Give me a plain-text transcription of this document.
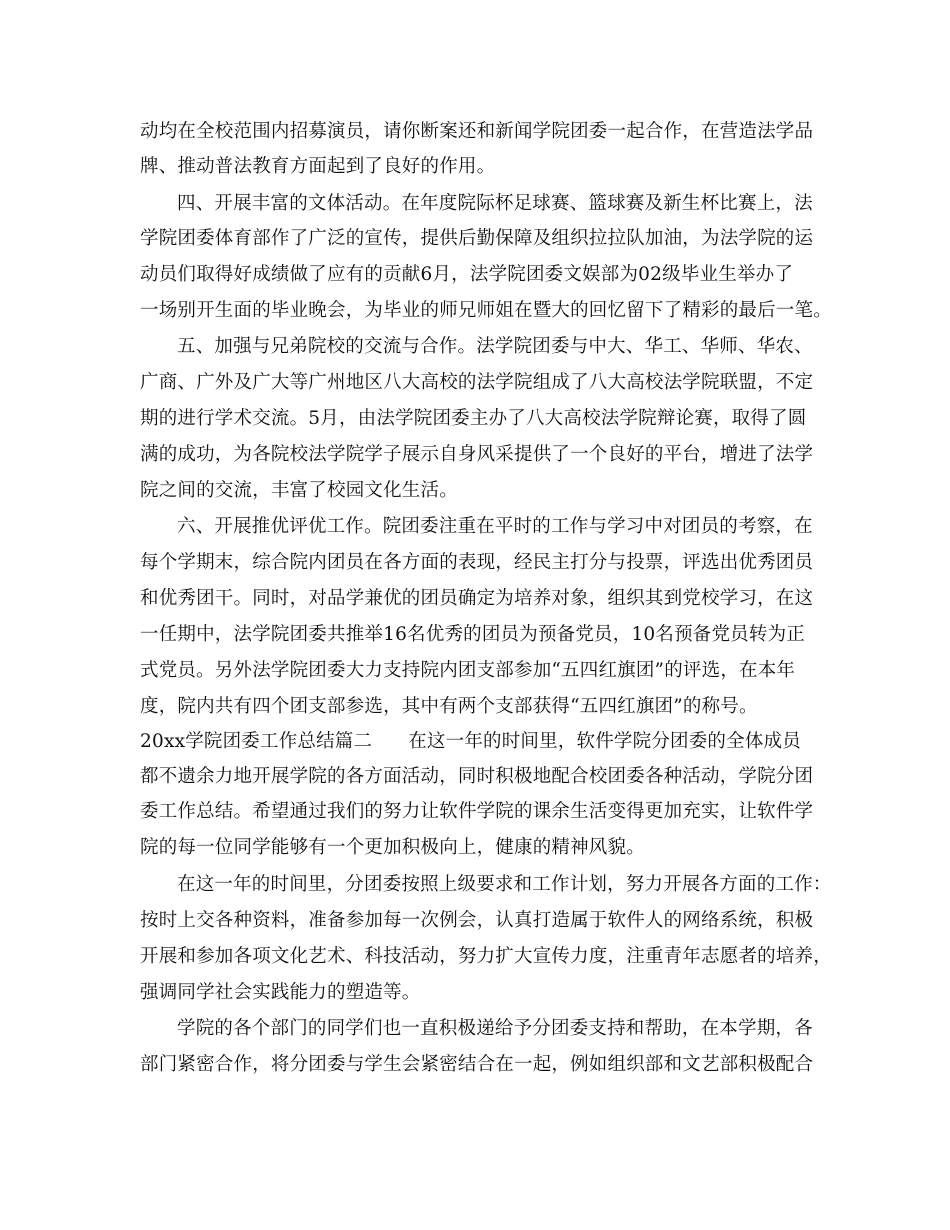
动均在全校范围内招募演员，请你断案还和新闻学院团委一起合作，在营造法学品
牌、推动普法教育方面起到了良好的作用。
四、开展丰富的文体活动。在年度院际杯足球赛、篮球赛及新生杯比赛上，法
学院团委体育部作了广泛的宣传，提供后勤保障及组织拉拉队加油，为法学院的运
动员们取得好成绩做了应有的贡献6月，法学院团委文娱部为02级毕业生举办了
一场别开生面的毕业晚会，为毕业的师兄师姐在暨大的回忆留下了精彩的最后一笔。
五、加强与兄弟院校的交流与合作。法学院团委与中大、华工、华师、华农、
广商、广外及广大等广州地区八大高校的法学院组成了八大高校法学院联盟，不定
期的进行学术交流。5月，由法学院团委主办了八大高校法学院辩论赛，取得了圆
满的成功，为各院校法学院学子展示自身风采提供了一个良好的平台，增进了法学
院之间的交流，丰富了校园文化生活。
六、开展推优评优工作。院团委注重在平时的工作与学习中对团员的考察，在
每个学期末，综合院内团员在各方面的表现，经民主打分与投票，评选出优秀团员
和优秀团干。同时，对品学兼优的团员确定为培养对象，组织其到党校学习，在这
一任期中，法学院团委共推举16名优秀的团员为预备党员，10名预备党员转为正
式党员。另外法学院团委大力支持院内团支部参加“五四红旗团”的评选，在本年
度，院内共有四个团支部参选，其中有两个支部获得“五四红旗团”的称号。
20xx学院团委工作总结篇二 在这一年的时间里，软件学院分团委的全体成员
都不遗余力地开展学院的各方面活动，同时积极地配合校团委各种活动，学院分团
委工作总结。希望通过我们的努力让软件学院的课余生活变得更加充实，让软件学
院的每一位同学能够有一个更加积极向上，健康的精神风貌。
在这一年的时间里，分团委按照上级要求和工作计划，努力开展各方面的工作：
按时上交各种资料，准备参加每一次例会，认真打造属于软件人的网络系统，积极
开展和参加各项文化艺术、科技活动，努力扩大宣传力度，注重青年志愿者的培养，
强调同学社会实践能力的塑造等。
学院的各个部门的同学们也一直积极递给予分团委支持和帮助，在本学期，各
部门紧密合作，将分团委与学生会紧密结合在一起，例如组织部和文艺部积极配合
